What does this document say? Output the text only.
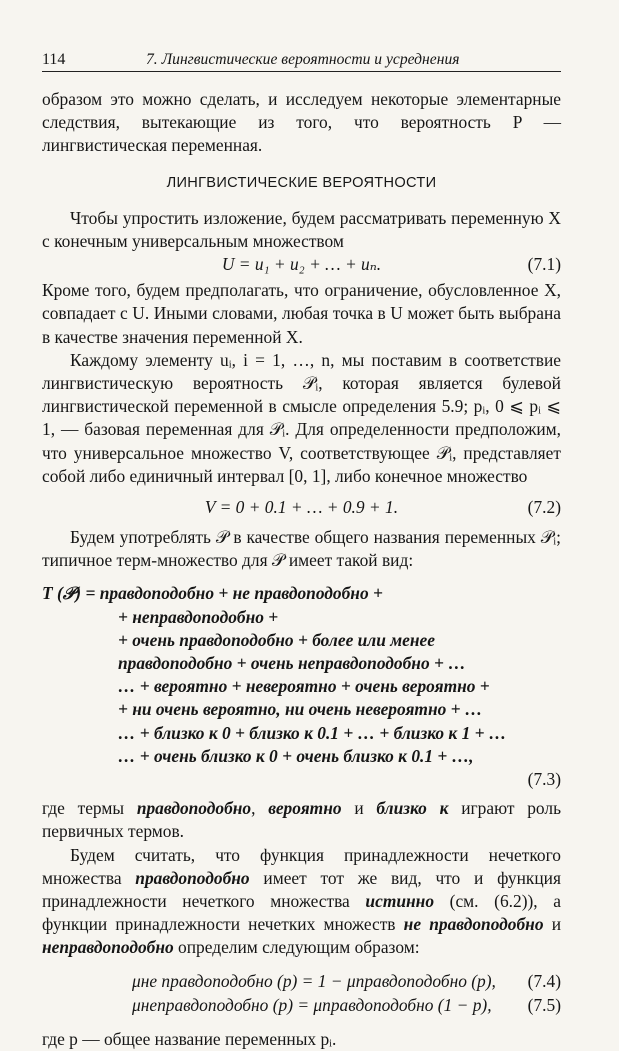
114	7. Лингвистические вероятности и усреднения

образом это можно сделать, и исследуем некоторые элементарные следствия, вытекающие из того, что вероятность P — лингвистическая переменная.

ЛИНГВИСТИЧЕСКИЕ ВЕРОЯТНОСТИ

Чтобы упростить изложение, будем рассматривать переменную X с конечным универсальным множеством

U = u₁ + u₂ + … + uₙ.	(7.1)

Кроме того, будем предполагать, что ограничение, обусловленное X, совпадает с U. Иными словами, любая точка в U может быть выбрана в качестве значения переменной X.

Каждому элементу uᵢ, i = 1, …, n, мы поставим в соответствие лингвистическую вероятность 𝒫ᵢ, которая является булевой лингвистической переменной в смысле определения 5.9; pᵢ, 0 ⩽ pᵢ ⩽ 1, — базовая переменная для 𝒫ᵢ. Для определенности предположим, что универсальное множество V, соответствующее 𝒫ᵢ, представляет собой либо единичный интервал [0, 1], либо конечное множество

V = 0 + 0.1 + … + 0.9 + 1.	(7.2)

Будем употреблять 𝒫 в качестве общего названия переменных 𝒫ᵢ; типичное терм-множество для 𝒫 имеет такой вид:

T (𝒫) = правдоподобно + не правдоподобно +
+ неправдоподобно +
+ очень правдоподобно + более или менее
правдоподобно + очень неправдоподобно + …
… + вероятно + невероятно + очень вероятно +
+ ни очень вероятно, ни очень невероятно + …
… + близко к 0 + близко к 0.1 + … + близко к 1 + …
… + очень близко к 0 + очень близко к 0.1 + …,
(7.3)

где термы правдоподобно, вероятно и близко к играют роль первичных термов.

Будем считать, что функция принадлежности нечеткого множества правдоподобно имеет тот же вид, что и функция принадлежности нечеткого множества истинно (см. (6.2)), а функции принадлежности нечетких множеств не правдоподобно и неправдоподобно определим следующим образом:

μне правдоподобно (p) = 1 − μправдоподобно (p), (7.4)
μнеправдоподобно (p) = μправдоподобно (1 − p), (7.5)

где p — общее название переменных pᵢ.
